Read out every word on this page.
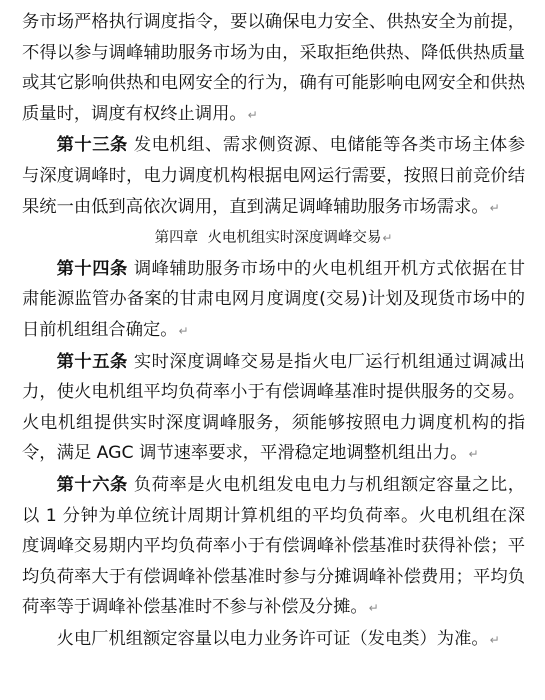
务市场严格执行调度指令，要以确保电力安全、供热安全为前提，不得以参与调峰辅助服务市场为由，采取拒绝供热、降低供热质量或其它影响供热和电网安全的行为，确有可能影响电网安全和供热质量时，调度有权终止调用。↵

第十三条 发电机组、需求侧资源、电储能等各类市场主体参与深度调峰时，电力调度机构根据电网运行需要，按照日前竞价结果统一由低到高依次调用，直到满足调峰辅助服务市场需求。↵

第四章  火电机组实时深度调峰交易↵

第十四条 调峰辅助服务市场中的火电机组开机方式依据在甘肃能源监管办备案的甘肃电网月度调度(交易)计划及现货市场中的日前机组组合确定。↵

第十五条 实时深度调峰交易是指火电厂运行机组通过调减出力，使火电机组平均负荷率小于有偿调峰基准时提供服务的交易。火电机组提供实时深度调峰服务，须能够按照电力调度机构的指令，满足 AGC 调节速率要求，平滑稳定地调整机组出力。↵

第十六条 负荷率是火电机组发电电力与机组额定容量之比，以 1 分钟为单位统计周期计算机组的平均负荷率。火电机组在深度调峰交易期内平均负荷率小于有偿调峰补偿基准时获得补偿；平均负荷率大于有偿调峰补偿基准时参与分摊调峰补偿费用；平均负荷率等于调峰补偿基准时不参与补偿及分摊。↵

火电厂机组额定容量以电力业务许可证（发电类）为准。↵
